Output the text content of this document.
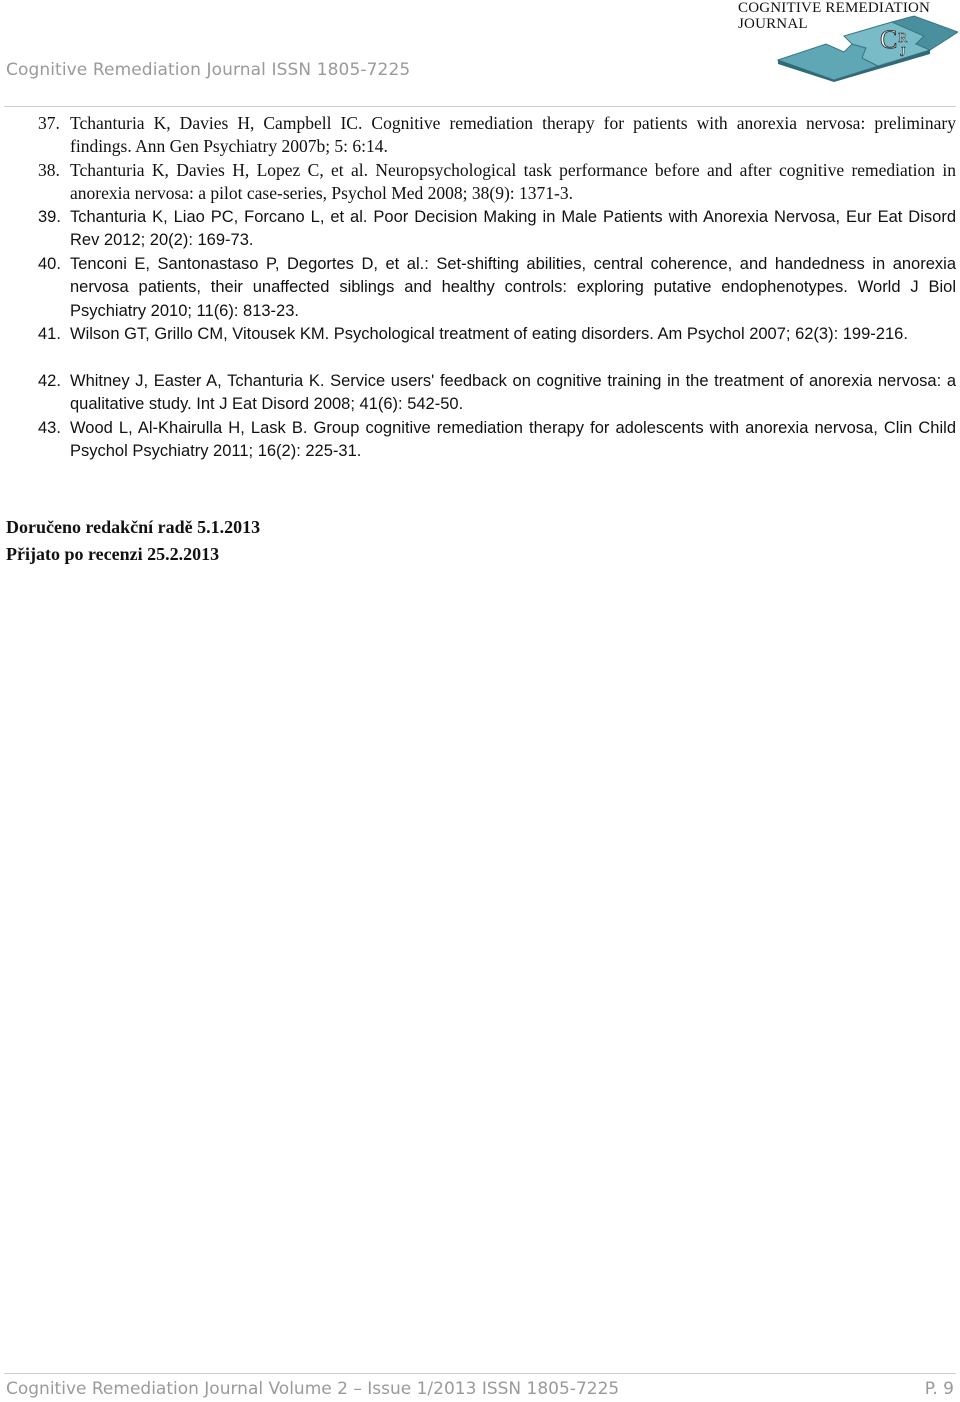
Cognitive Remediation Journal ISSN 1805-7225
COGNITIVE REMEDIATION
JOURNAL
C R
J
37. Tchanturia K, Davies H, Campbell IC. Cognitive remediation therapy for patients with anorexia nervosa: preliminary findings. Ann Gen Psychiatry 2007b; 5: 6:14.
38. Tchanturia K, Davies H, Lopez C, et al. Neuropsychological task performance before and after cognitive remediation in anorexia nervosa: a pilot case-series, Psychol Med 2008; 38(9): 1371-3.
39. Tchanturia K, Liao PC, Forcano L, et al. Poor Decision Making in Male Patients with Anorexia Nervosa, Eur Eat Disord Rev 2012; 20(2): 169-73.
40. Tenconi E, Santonastaso P, Degortes D, et al.: Set-shifting abilities, central coherence, and handedness in anorexia nervosa patients, their unaffected siblings and healthy controls: exploring putative endophenotypes. World J Biol Psychiatry 2010; 11(6): 813-23.
41. Wilson GT, Grillo CM, Vitousek KM. Psychological treatment of eating disorders. Am Psychol 2007; 62(3): 199-216.
42. Whitney J, Easter A, Tchanturia K. Service users' feedback on cognitive training in the treatment of anorexia nervosa: a qualitative study. Int J Eat Disord 2008; 41(6): 542-50.
43. Wood L, Al-Khairulla H, Lask B. Group cognitive remediation therapy for adolescents with anorexia nervosa, Clin Child Psychol Psychiatry 2011; 16(2): 225-31.
Doručeno redakční radě 5.1.2013
Přijato po recenzi 25.2.2013
Cognitive Remediation Journal Volume 2 – Issue 1/2013 ISSN 1805-7225	P. 9
